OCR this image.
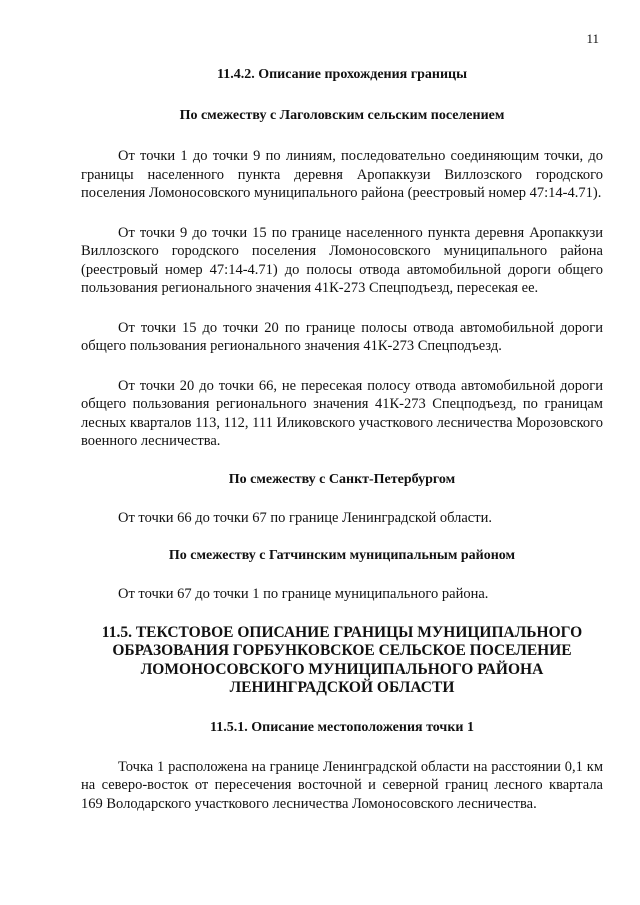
11

11.4.2. Описание прохождения границы

По смежеству с Лаголовским сельским поселением

От точки 1 до точки 9 по линиям, последовательно соединяющим точки, до границы населенного пункта деревня Аропаккузи Виллозского городского поселения Ломоносовского муниципального района (реестровый номер 47:14-4.71).

От точки 9 до точки 15 по границе населенного пункта деревня Аропаккузи Виллозского городского поселения Ломоносовского муниципального района (реестровый номер 47:14-4.71) до полосы отвода автомобильной дороги общего пользования регионального значения 41К-273 Спецподъезд, пересекая ее.

От точки 15 до точки 20 по границе полосы отвода автомобильной дороги общего пользования регионального значения 41К-273 Спецподъезд.

От точки 20 до точки 66, не пересекая полосу отвода автомобильной дороги общего пользования регионального значения 41К-273 Спецподъезд, по границам лесных кварталов 113, 112, 111 Иликовского участкового лесничества Морозовского военного лесничества.

По смежеству с Санкт-Петербургом

От точки 66 до точки 67 по границе Ленинградской области.

По смежеству с Гатчинским муниципальным районом

От точки 67 до точки 1 по границе муниципального района.

11.5. ТЕКСТОВОЕ ОПИСАНИЕ ГРАНИЦЫ МУНИЦИПАЛЬНОГО ОБРАЗОВАНИЯ ГОРБУНКОВСКОЕ СЕЛЬСКОЕ ПОСЕЛЕНИЕ ЛОМОНОСОВСКОГО МУНИЦИПАЛЬНОГО РАЙОНА ЛЕНИНГРАДСКОЙ ОБЛАСТИ

11.5.1. Описание местоположения точки 1

Точка 1 расположена на границе Ленинградской области на расстоянии 0,1 км на северо-восток от пересечения восточной и северной границ лесного квартала 169 Володарского участкового лесничества Ломоносовского лесничества.
